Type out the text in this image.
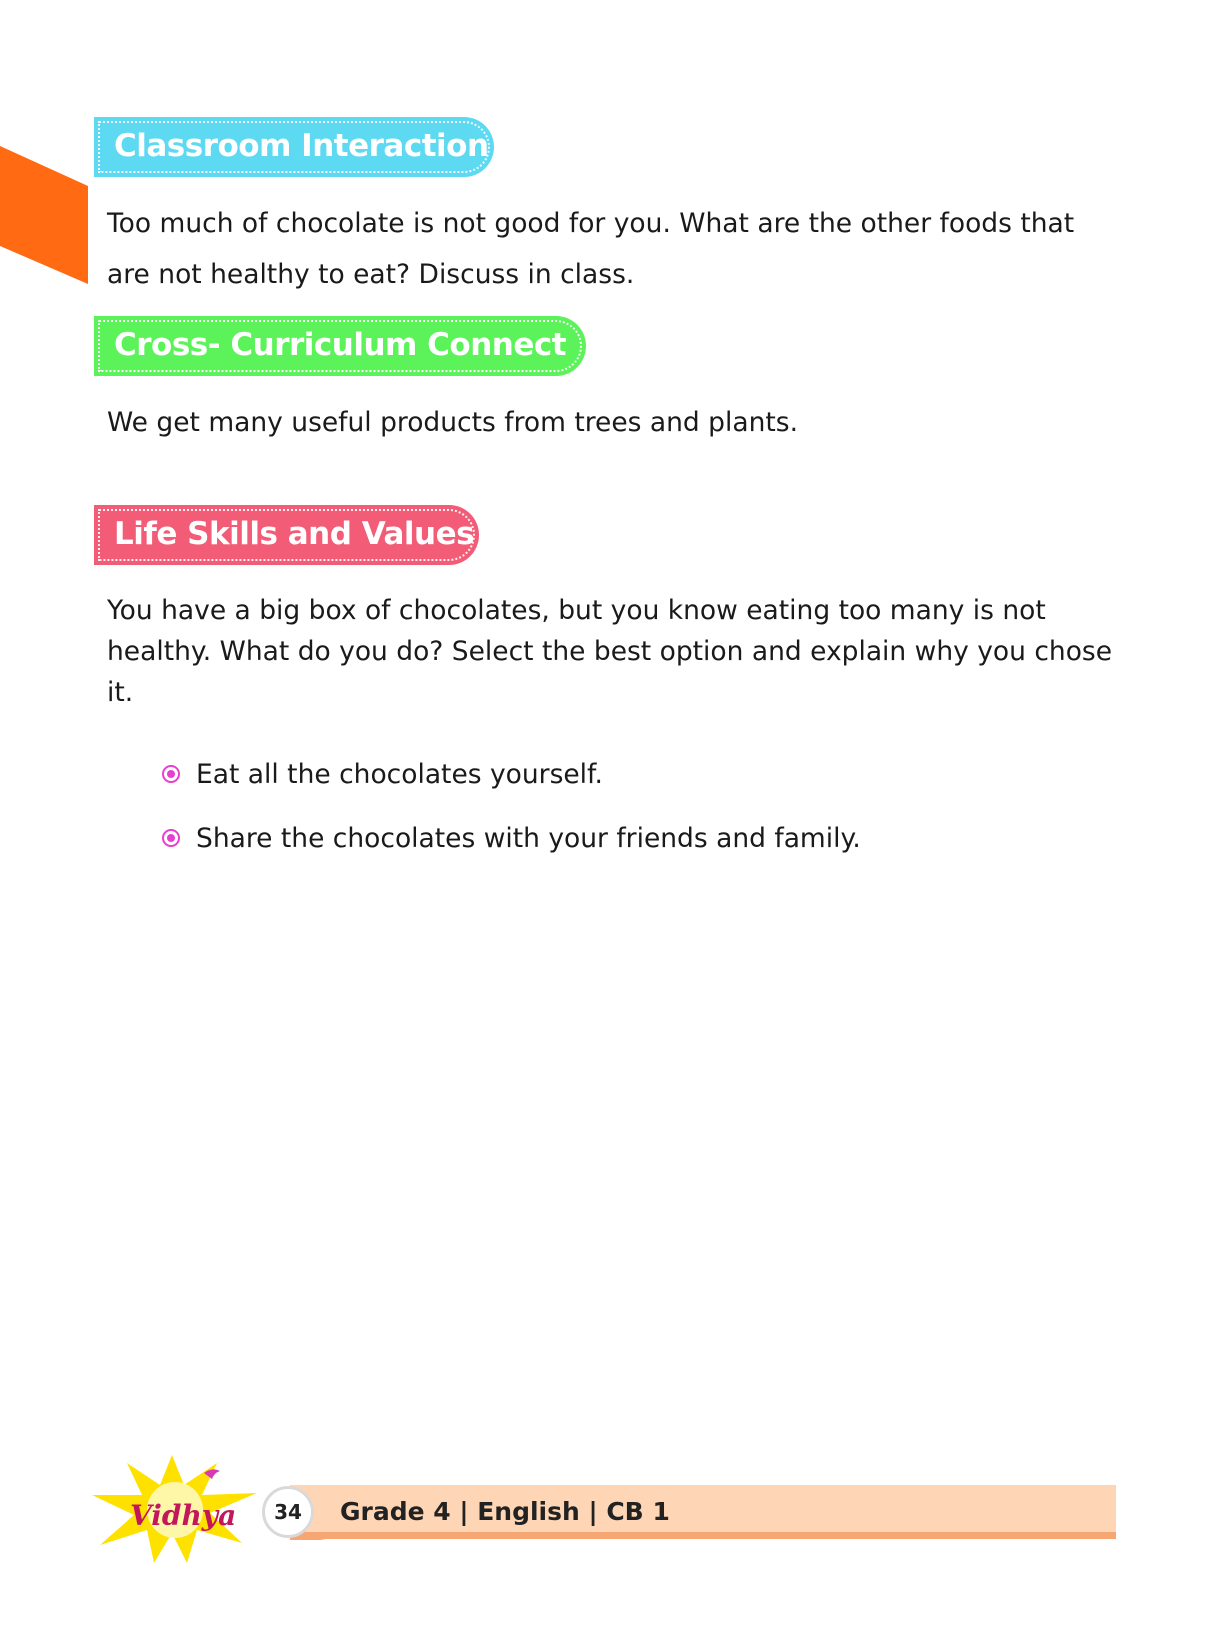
Classroom Interaction

Too much of chocolate is not good for you. What are the other foods that are not healthy to eat? Discuss in class.

Cross- Curriculum Connect

We get many useful products from trees and plants.

Life Skills and Values

You have a big box of chocolates, but you know eating too many is not healthy. What do you do? Select the best option and explain why you chose it.

Eat all the chocolates yourself.
Share the chocolates with your friends and family.
Vidhya	34	Grade 4 | English | CB 1
